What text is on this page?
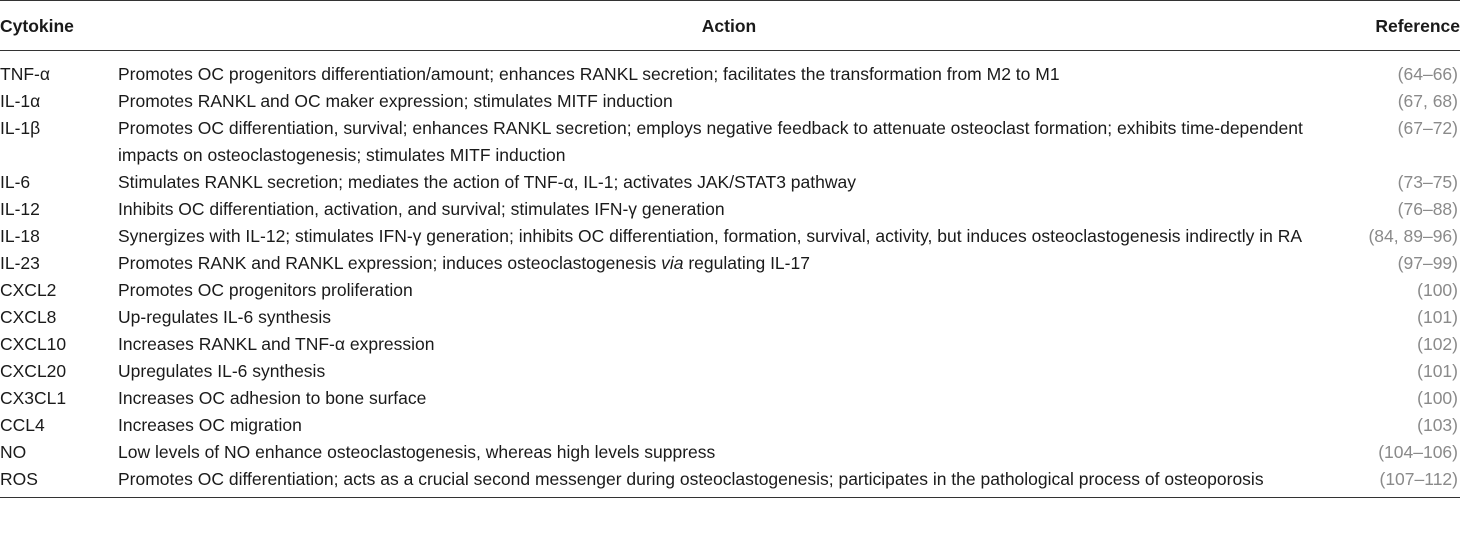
Cytokine	Action	Reference

TNF-α	Promotes OC progenitors differentiation/amount; enhances RANKL secretion; facilitates the transformation from M2 to M1	(64–66)
IL-1α	Promotes RANKL and OC maker expression; stimulates MITF induction	(67, 68)
IL-1β	Promotes OC differentiation, survival; enhances RANKL secretion; employs negative feedback to attenuate osteoclast formation; exhibits time-dependent impacts on osteoclastogenesis; stimulates MITF induction	(67–72)
IL-6	Stimulates RANKL secretion; mediates the action of TNF-α, IL-1; activates JAK/STAT3 pathway	(73–75)
IL-12	Inhibits OC differentiation, activation, and survival; stimulates IFN-γ generation	(76–88)
IL-18	Synergizes with IL-12; stimulates IFN-γ generation; inhibits OC differentiation, formation, survival, activity, but induces osteoclastogenesis indirectly in RA	(84, 89–96)
IL-23	Promotes RANK and RANKL expression; induces osteoclastogenesis via regulating IL-17	(97–99)
CXCL2	Promotes OC progenitors proliferation	(100)
CXCL8	Up-regulates IL-6 synthesis	(101)
CXCL10	Increases RANKL and TNF-α expression	(102)
CXCL20	Upregulates IL-6 synthesis	(101)
CX3CL1	Increases OC adhesion to bone surface	(100)
CCL4	Increases OC migration	(103)
NO	Low levels of NO enhance osteoclastogenesis, whereas high levels suppress	(104–106)
ROS	Promotes OC differentiation; acts as a crucial second messenger during osteoclastogenesis; participates in the pathological process of osteoporosis	(107–112)
